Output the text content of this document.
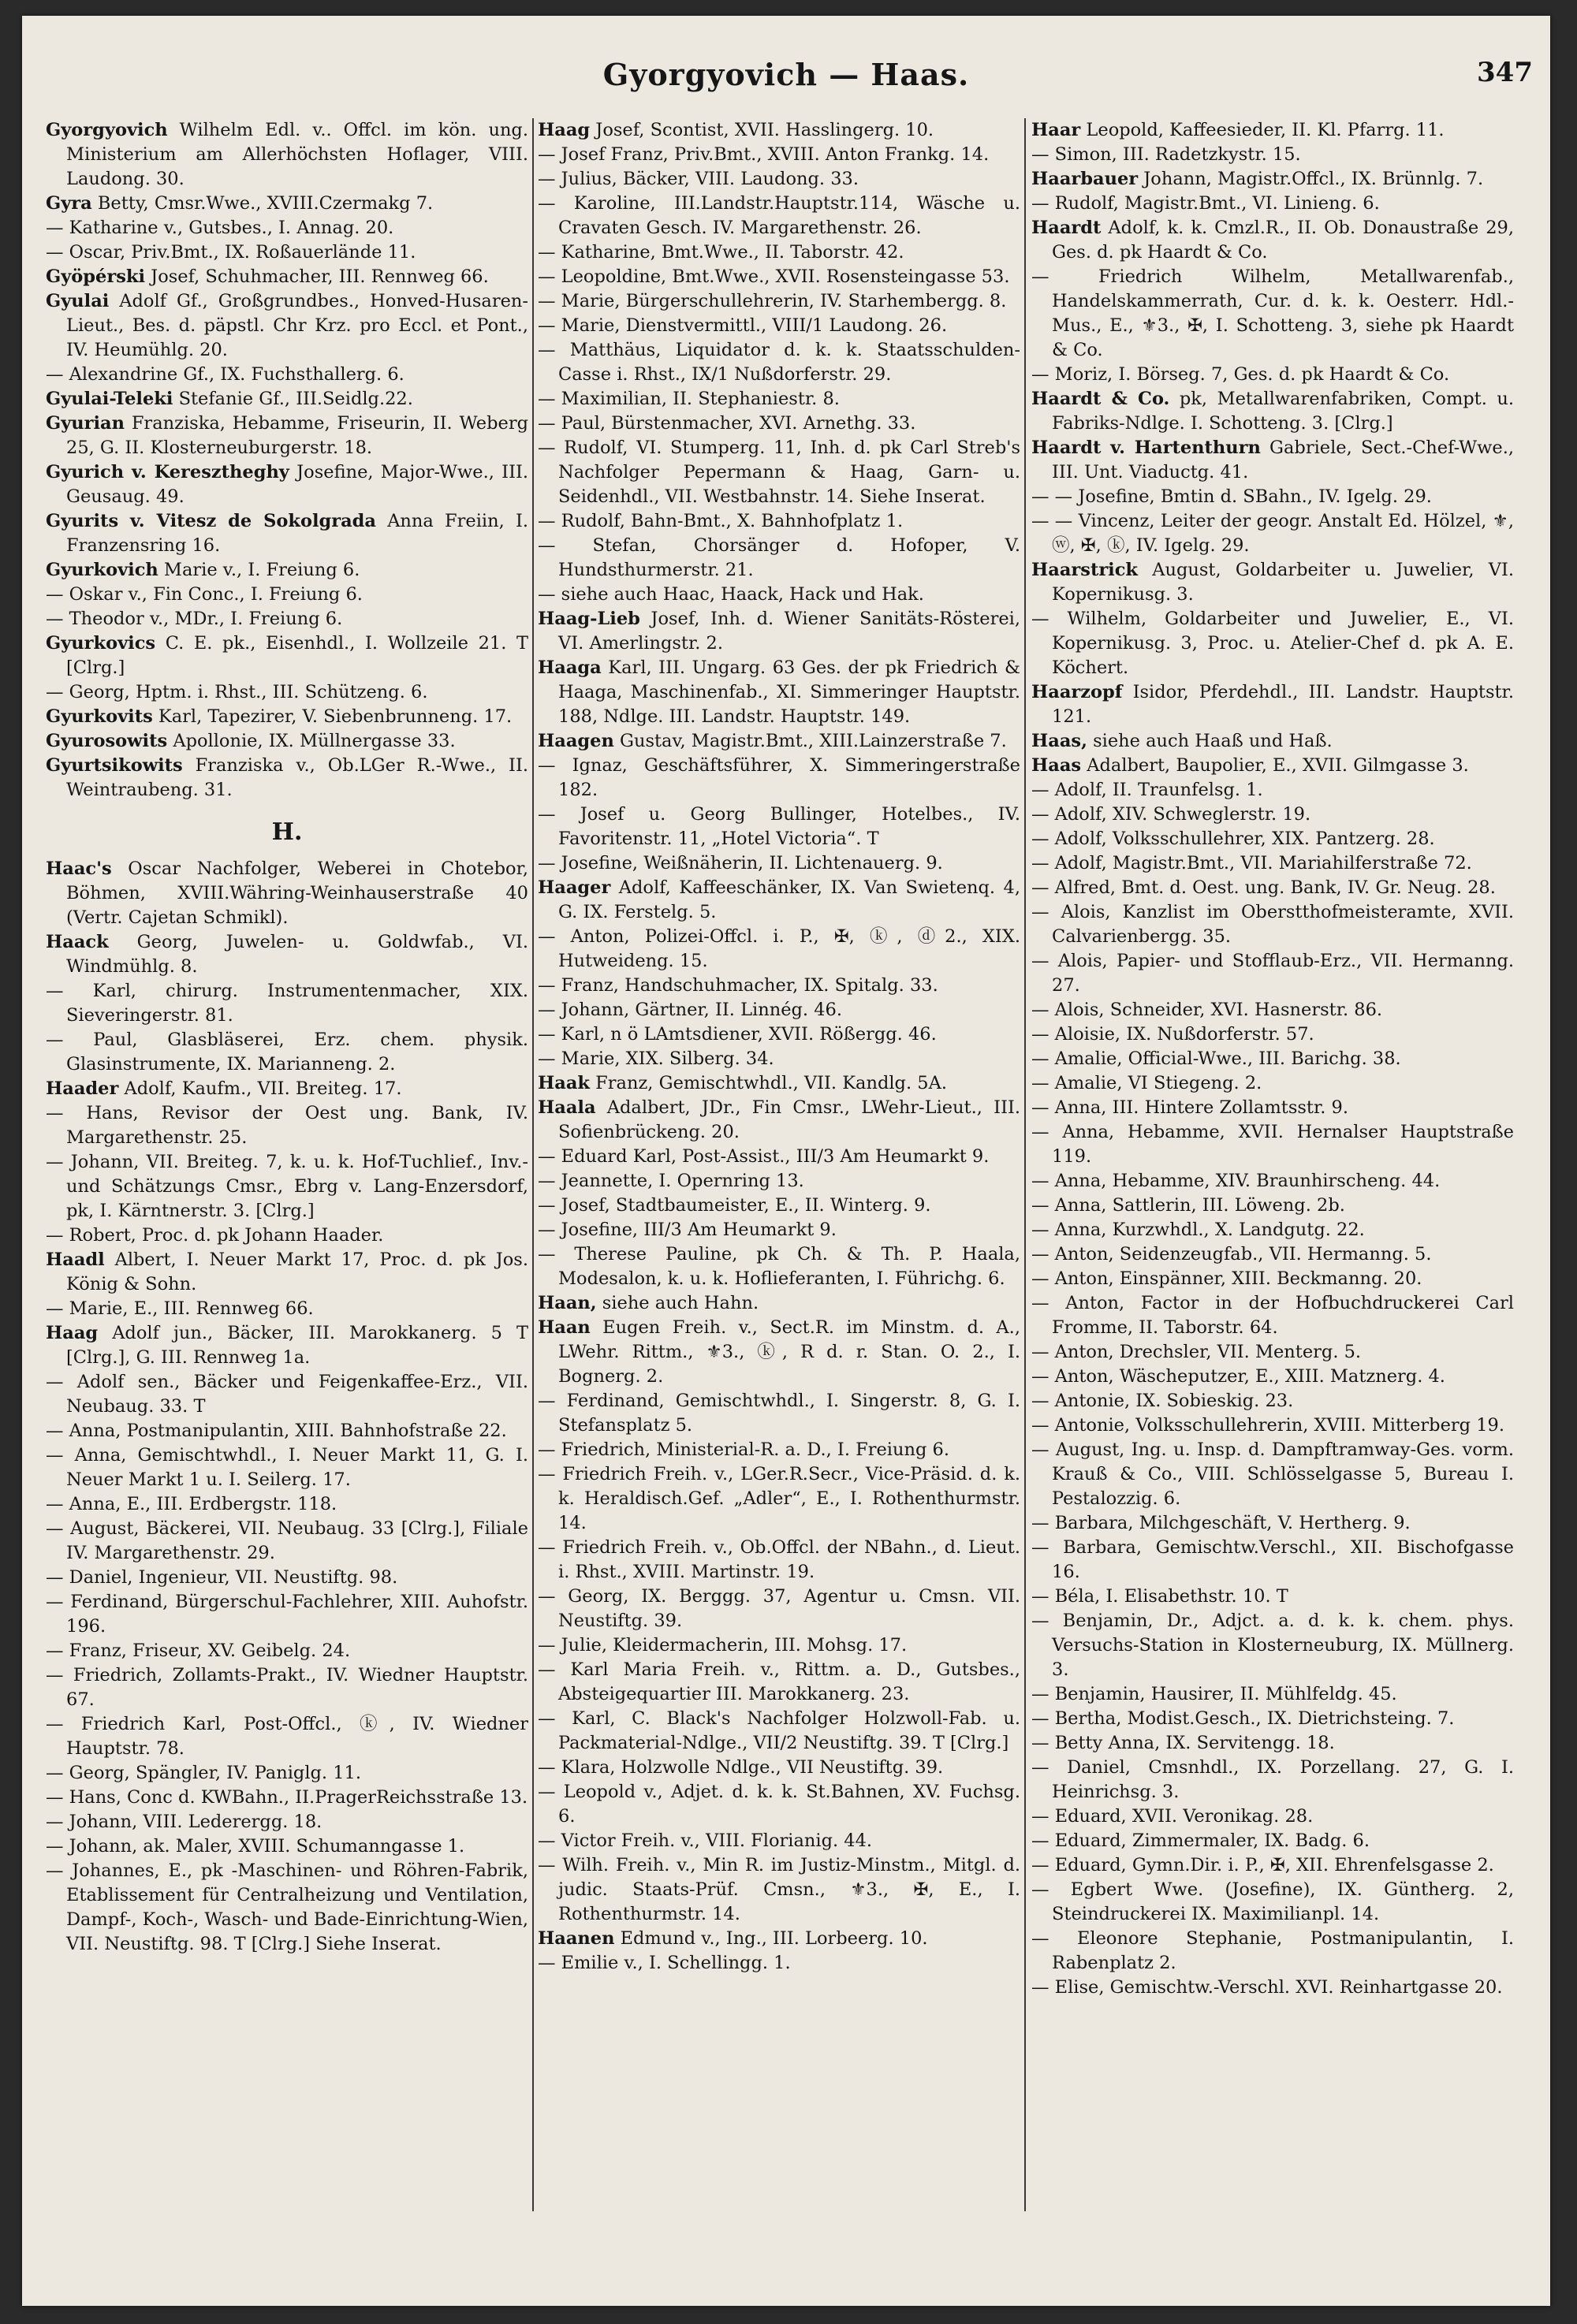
Gyorgyovich — Haas.	347

Gyorgyovich Wilhelm Edl. v.. Offcl. im kön. ung. Ministerium am Allerhöchsten Hoflager, VIII. Laudong. 30.

Gyra Betty, Cmsr.Wwe., XVIII.Czermakg 7.

— Katharine v., Gutsbes., I. Annag. 20.

— Oscar, Priv.Bmt., IX. Roßauerlände 11.

Gyöpérski Josef, Schuhmacher, III. Rennweg 66.

Gyulai Adolf Gf., Großgrundbes., Honved-Husaren-Lieut., Bes. d. päpstl. Chr Krz. pro Eccl. et Pont., IV. Heumühlg. 20.

— Alexandrine Gf., IX. Fuchsthallerg. 6.

Gyulai-Teleki Stefanie Gf., III.Seidlg.22.

Gyurian Franziska, Hebamme, Friseurin, II. Weberg 25, G. II. Klosterneuburgerstr. 18.

Gyurich v. Keresztheghy Josefine, Major-Wwe., III. Geusaug. 49.

Gyurits v. Vitesz de Sokolgrada Anna Freiin, I. Franzensring 16.

Gyurkovich Marie v., I. Freiung 6.

— Oskar v., Fin Conc., I. Freiung 6.

— Theodor v., MDr., I. Freiung 6.

Gyurkovics C. E. pk., Eisenhdl., I. Wollzeile 21. T [Clrg.]

— Georg, Hptm. i. Rhst., III. Schützeng. 6.

Gyurkovits Karl, Tapezirer, V. Siebenbrunneng. 17.

Gyurosowits Apollonie, IX. Müllnergasse 33.

Gyurtsikowits Franziska v., Ob.LGer R.-Wwe., II. Weintraubeng. 31.

H.

Haac's Oscar Nachfolger, Weberei in Chotebor, Böhmen, XVIII.Währing-Weinhauserstraße 40 (Vertr. Cajetan Schmikl).

Haack Georg, Juwelen- u. Goldwfab., VI. Windmühlg. 8.

— Karl, chirurg. Instrumentenmacher, XIX. Sieveringerstr. 81.

— Paul, Glasbläserei, Erz. chem. physik. Glasinstrumente, IX. Marianneng. 2.

Haader Adolf, Kaufm., VII. Breiteg. 17.

— Hans, Revisor der Oest ung. Bank, IV. Margarethenstr. 25.

— Johann, VII. Breiteg. 7, k. u. k. Hof-Tuchlief., Inv.- und Schätzungs Cmsr., Ebrg v. Lang-Enzersdorf, pk, I. Kärntnerstr. 3. [Clrg.]

— Robert, Proc. d. pk Johann Haader.

Haadl Albert, I. Neuer Markt 17, Proc. d. pk Jos. König & Sohn.

— Marie, E., III. Rennweg 66.

Haag Adolf jun., Bäcker, III. Marokkanerg. 5 T [Clrg.], G. III. Rennweg 1a.

— Adolf sen., Bäcker und Feigenkaffee-Erz., VII. Neubaug. 33. T

— Anna, Postmanipulantin, XIII. Bahnhofstraße 22.

— Anna, Gemischtwhdl., I. Neuer Markt 11, G. I. Neuer Markt 1 u. I. Seilerg. 17.

— Anna, E., III. Erdbergstr. 118.

— August, Bäckerei, VII. Neubaug. 33 [Clrg.], Filiale IV. Margarethenstr. 29.

— Daniel, Ingenieur, VII. Neustiftg. 98.

— Ferdinand, Bürgerschul-Fachlehrer, XIII. Auhofstr. 196.

— Franz, Friseur, XV. Geibelg. 24.

— Friedrich, Zollamts-Prakt., IV. Wiedner Hauptstr. 67.

— Friedrich Karl, Post-Offcl., ⓚ, IV. Wiedner Hauptstr. 78.

— Georg, Spängler, IV. Paniglg. 11.

— Hans, Conc d. KWBahn., II.PragerReichsstraße 13.

— Johann, VIII. Lederergg. 18.

— Johann, ak. Maler, XVIII. Schumanngasse 1.

— Johannes, E., pk -Maschinen- und Röhren-Fabrik, Etablissement für Centralheizung und Ventilation, Dampf-, Koch-, Wasch- und Bade-Einrichtung-Wien, VII. Neustiftg. 98. T [Clrg.] Siehe Inserat.

Haag Josef, Scontist, XVII. Hasslingerg. 10.

— Josef Franz, Priv.Bmt., XVIII. Anton Frankg. 14.

— Julius, Bäcker, VIII. Laudong. 33.

— Karoline, III.Landstr.Hauptstr.114, Wäsche u. Cravaten Gesch. IV. Margarethenstr. 26.

— Katharine, Bmt.Wwe., II. Taborstr. 42.

— Leopoldine, Bmt.Wwe., XVII. Rosensteingasse 53.

— Marie, Bürgerschullehrerin, IV. Starhembergg. 8.

— Marie, Dienstvermittl., VIII/1 Laudong. 26.

— Matthäus, Liquidator d. k. k. Staatsschulden-Casse i. Rhst., IX/1 Nußdorferstr. 29.

— Maximilian, II. Stephaniestr. 8.

— Paul, Bürstenmacher, XVI. Arnethg. 33.

— Rudolf, VI. Stumperg. 11, Inh. d. pk Carl Streb's Nachfolger Pepermann & Haag, Garn- u. Seidenhdl., VII. Westbahnstr. 14. Siehe Inserat.

— Rudolf, Bahn-Bmt., X. Bahnhofplatz 1.

— Stefan, Chorsänger d. Hofoper, V. Hundsthurmerstr. 21.

— siehe auch Haac, Haack, Hack und Hak.

Haag-Lieb Josef, Inh. d. Wiener Sanitäts-Rösterei, VI. Amerlingstr. 2.

Haaga Karl, III. Ungarg. 63 Ges. der pk Friedrich & Haaga, Maschinenfab., XI. Simmeringer Hauptstr. 188, Ndlge. III. Landstr. Hauptstr. 149.

Haagen Gustav, Magistr.Bmt., XIII.Lainzerstraße 7.

— Ignaz, Geschäftsführer, X. Simmeringerstraße 182.

— Josef u. Georg Bullinger, Hotelbes., IV. Favoritenstr. 11, „Hotel Victoria“. T

— Josefine, Weißnäherin, II. Lichtenauerg. 9.

Haager Adolf, Kaffeeschänker, IX. Van Swietenq. 4, G. IX. Ferstelg. 5.

— Anton, Polizei-Offcl. i. P., ✠, ⓚ, ⓓ2., XIX. Hutweideng. 15.

— Franz, Handschuhmacher, IX. Spitalg. 33.

— Johann, Gärtner, II. Linnég. 46.

— Karl, n ö LAmtsdiener, XVII. Rößergg. 46.

— Marie, XIX. Silberg. 34.

Haak Franz, Gemischtwhdl., VII. Kandlg. 5A.

Haala Adalbert, JDr., Fin Cmsr., LWehr-Lieut., III. Sofienbrückeng. 20.

— Eduard Karl, Post-Assist., III/3 Am Heumarkt 9.

— Jeannette, I. Opernring 13.

— Josef, Stadtbaumeister, E., II. Winterg. 9.

— Josefine, III/3 Am Heumarkt 9.

— Therese Pauline, pk Ch. & Th. P. Haala, Modesalon, k. u. k. Hoflieferanten, I. Führichg. 6.

Haan, siehe auch Hahn.

Haan Eugen Freih. v., Sect.R. im Minstm. d. A., LWehr. Rittm., ⚜3., ⓚ, R d. r. Stan. O. 2., I. Bognerg. 2.

— Ferdinand, Gemischtwhdl., I. Singerstr. 8, G. I. Stefansplatz 5.

— Friedrich, Ministerial-R. a. D., I. Freiung 6.

— Friedrich Freih. v., LGer.R.Secr., Vice-Präsid. d. k. k. Heraldisch.Gef. „Adler“, E., I. Rothenthurmstr. 14.

— Friedrich Freih. v., Ob.Offcl. der NBahn., d. Lieut. i. Rhst., XVIII. Martinstr. 19.

— Georg, IX. Berggg. 37, Agentur u. Cmsn. VII. Neustiftg. 39.

— Julie, Kleidermacherin, III. Mohsg. 17.

— Karl Maria Freih. v., Rittm. a. D., Gutsbes., Absteigequartier III. Marokkanerg. 23.

— Karl, C. Black's Nachfolger Holzwoll-Fab. u. Packmaterial-Ndlge., VII/2 Neustiftg. 39. T [Clrg.]

— Klara, Holzwolle Ndlge., VII Neustiftg. 39.

— Leopold v., Adjet. d. k. k. St.Bahnen, XV. Fuchsg. 6.

— Victor Freih. v., VIII. Florianig. 44.

— Wilh. Freih. v., Min R. im Justiz-Minstm., Mitgl. d. judic. Staats-Prüf. Cmsn., ⚜3., ✠, E., I. Rothenthurmstr. 14.

Haanen Edmund v., Ing., III. Lorbeerg. 10.

— Emilie v., I. Schellingg. 1.

Haar Leopold, Kaffeesieder, II. Kl. Pfarrg. 11.

— Simon, III. Radetzkystr. 15.

Haarbauer Johann, Magistr.Offcl., IX. Brünnlg. 7.

— Rudolf, Magistr.Bmt., VI. Linieng. 6.

Haardt Adolf, k. k. Cmzl.R., II. Ob. Donaustraße 29, Ges. d. pk Haardt & Co.

— Friedrich Wilhelm, Metallwarenfab., Handelskammerrath, Cur. d. k. k. Oesterr. Hdl.-Mus., E., ⚜3., ✠, I. Schotteng. 3, siehe pk Haardt & Co.

— Moriz, I. Börseg. 7, Ges. d. pk Haardt & Co.

Haardt & Co. pk, Metallwarenfabriken, Compt. u. Fabriks-Ndlge. I. Schotteng. 3. [Clrg.]

Haardt v. Hartenthurn Gabriele, Sect.-Chef-Wwe., III. Unt. Viaductg. 41.

— — Josefine, Bmtin d. SBahn., IV. Igelg. 29.

— — Vincenz, Leiter der geogr. Anstalt Ed. Hölzel, ⚜, ⓦ, ✠, ⓚ, IV. Igelg. 29.

Haarstrick August, Goldarbeiter u. Juwelier, VI. Kopernikusg. 3.

— Wilhelm, Goldarbeiter und Juwelier, E., VI. Kopernikusg. 3, Proc. u. Atelier-Chef d. pk A. E. Köchert.

Haarzopf Isidor, Pferdehdl., III. Landstr. Hauptstr. 121.

Haas, siehe auch Haaß und Haß.

Haas Adalbert, Baupolier, E., XVII. Gilmgasse 3.

— Adolf, II. Traunfelsg. 1.

— Adolf, XIV. Schweglerstr. 19.

— Adolf, Volksschullehrer, XIX. Pantzerg. 28.

— Adolf, Magistr.Bmt., VII. Mariahilferstraße 72.

— Alfred, Bmt. d. Oest. ung. Bank, IV. Gr. Neug. 28.

— Alois, Kanzlist im Oberstthofmeisteramte, XVII. Calvarienbergg. 35.

— Alois, Papier- und Stofflaub-Erz., VII. Hermanng. 27.

— Alois, Schneider, XVI. Hasnerstr. 86.

— Aloisie, IX. Nußdorferstr. 57.

— Amalie, Official-Wwe., III. Barichg. 38.

— Amalie, VI Stiegeng. 2.

— Anna, III. Hintere Zollamtsstr. 9.

— Anna, Hebamme, XVII. Hernalser Hauptstraße 119.

— Anna, Hebamme, XIV. Braunhirscheng. 44.

— Anna, Sattlerin, III. Löweng. 2b.

— Anna, Kurzwhdl., X. Landgutg. 22.

— Anton, Seidenzeugfab., VII. Hermanng. 5.

— Anton, Einspänner, XIII. Beckmanng. 20.

— Anton, Factor in der Hofbuchdruckerei Carl Fromme, II. Taborstr. 64.

— Anton, Drechsler, VII. Menterg. 5.

— Anton, Wäscheputzer, E., XIII. Matznerg. 4.

— Antonie, IX. Sobieskig. 23.

— Antonie, Volksschullehrerin, XVIII. Mitterberg 19.

— August, Ing. u. Insp. d. Dampftramway-Ges. vorm. Krauß & Co., VIII. Schlösselgasse 5, Bureau I. Pestalozzig. 6.

— Barbara, Milchgeschäft, V. Hertherg. 9.

— Barbara, Gemischtw.Verschl., XII. Bischofgasse 16.

— Béla, I. Elisabethstr. 10. T

— Benjamin, Dr., Adjct. a. d. k. k. chem. phys. Versuchs-Station in Klosterneuburg, IX. Müllnerg. 3.

— Benjamin, Hausirer, II. Mühlfeldg. 45.

— Bertha, Modist.Gesch., IX. Dietrichsteing. 7.

— Betty Anna, IX. Servitengg. 18.

— Daniel, Cmsnhdl., IX. Porzellang. 27, G. I. Heinrichsg. 3.

— Eduard, XVII. Veronikag. 28.

— Eduard, Zimmermaler, IX. Badg. 6.

— Eduard, Gymn.Dir. i. P., ✠, XII. Ehrenfelsgasse 2.

— Egbert Wwe. (Josefine), IX. Güntherg. 2, Steindruckerei IX. Maximilianpl. 14.

— Eleonore Stephanie, Postmanipulantin, I. Rabenplatz 2.

— Elise, Gemischtw.-Verschl. XVI. Reinhartgasse 20.
